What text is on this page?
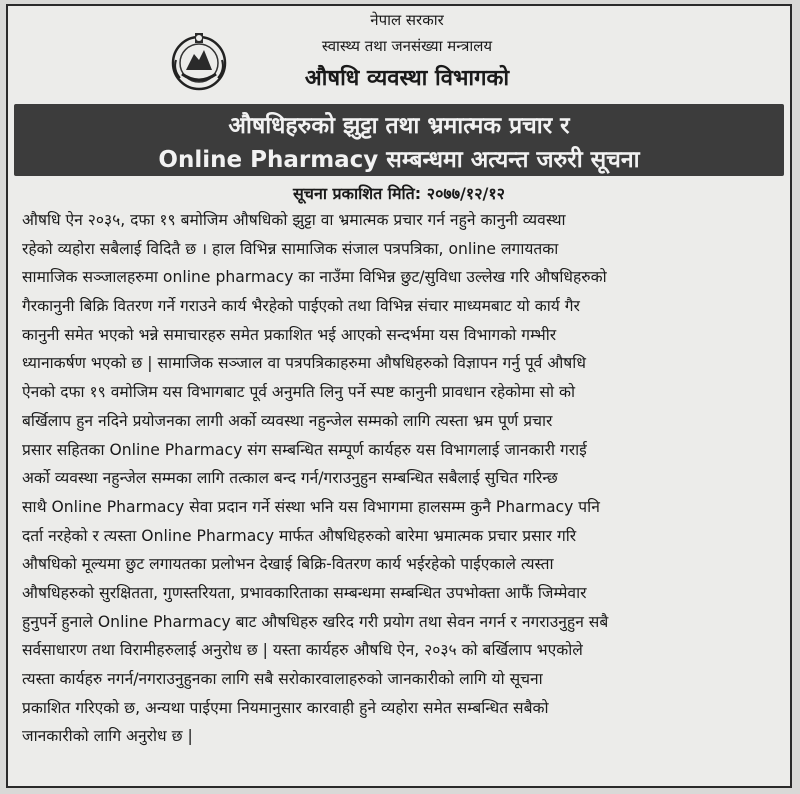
नेपाल सरकार
स्वास्थ्य तथा जनसंख्या मन्त्रालय
औषधि व्यवस्था विभागको
औषधिहरुको झुट्टा तथा भ्रमात्मक प्रचार र
Online Pharmacy सम्बन्धमा अत्यन्त जरुरी सूचना
सूचना प्रकाशित मिति: २०७७/१२/१२
औषधि ऐन २०३५, दफा १९ बमोजिम औषधिको झुट्टा वा भ्रमात्मक प्रचार गर्न नहुने कानुनी व्यवस्था
रहेको व्यहोरा सबैलाई विदितै छ । हाल विभिन्न सामाजिक संजाल पत्रपत्रिका, online लगायतका
सामाजिक सञ्जालहरुमा online pharmacy का नाउँमा विभिन्न छुट/सुविधा उल्लेख गरि औषधिहरुको
गैरकानुनी बिक्रि वितरण गर्ने गराउने कार्य भैरहेको पाईएको तथा विभिन्न संचार माध्यमबाट यो कार्य गैर
कानुनी समेत भएको भन्ने समाचारहरु समेत प्रकाशित भई आएको सन्दर्भमा यस विभागको गम्भीर
ध्यानाकर्षण भएको छ | सामाजिक सञ्जाल वा पत्रपत्रिकाहरुमा औषधिहरुको विज्ञापन गर्नु पूर्व औषधि
ऐनको दफा १९ वमोजिम यस विभागबाट पूर्व अनुमति लिनु पर्ने स्पष्ट कानुनी प्रावधान रहेकोमा सो को
बर्खिलाप हुन नदिने प्रयोजनका लागी अर्को व्यवस्था नहुन्जेल सम्मको लागि त्यस्ता भ्रम पूर्ण प्रचार
प्रसार सहितका Online Pharmacy संग सम्बन्धित सम्पूर्ण कार्यहरु यस विभागलाई जानकारी गराई
अर्को व्यवस्था नहुन्जेल सम्मका लागि तत्काल बन्द गर्न/गराउनुहुन सम्बन्धित सबैलाई सुचित गरिन्छ
साथै Online Pharmacy सेवा प्रदान गर्ने संस्था भनि यस विभागमा हालसम्म कुनै Pharmacy पनि
दर्ता नरहेको र त्यस्ता Online Pharmacy मार्फत औषधिहरुको बारेमा भ्रमात्मक प्रचार प्रसार गरि
औषधिको मूल्यमा छुट लगायतका प्रलोभन देखाई बिक्रि-वितरण कार्य भईरहेको पाईएकाले त्यस्ता
औषधिहरुको सुरक्षितता, गुणस्तरियता, प्रभावकारिताका सम्बन्धमा सम्बन्धित उपभोक्ता आफैं जिम्मेवार
हुनुपर्ने हुनाले Online Pharmacy बाट औषधिहरु खरिद गरी प्रयोग तथा सेवन नगर्न र नगराउनुहुन सबै
सर्वसाधारण तथा विरामीहरुलाई अनुरोध छ | यस्ता कार्यहरु औषधि ऐन, २०३५ को बर्खिलाप भएकोले
त्यस्ता कार्यहरु नगर्न/नगराउनुहुनका लागि सबै सरोकारवालाहरुको जानकारीको लागि यो सूचना
प्रकाशित गरिएको छ, अन्यथा पाईएमा नियमानुसार कारवाही हुने व्यहोरा समेत सम्बन्धित सबैको
जानकारीको लागि अनुरोध छ |
